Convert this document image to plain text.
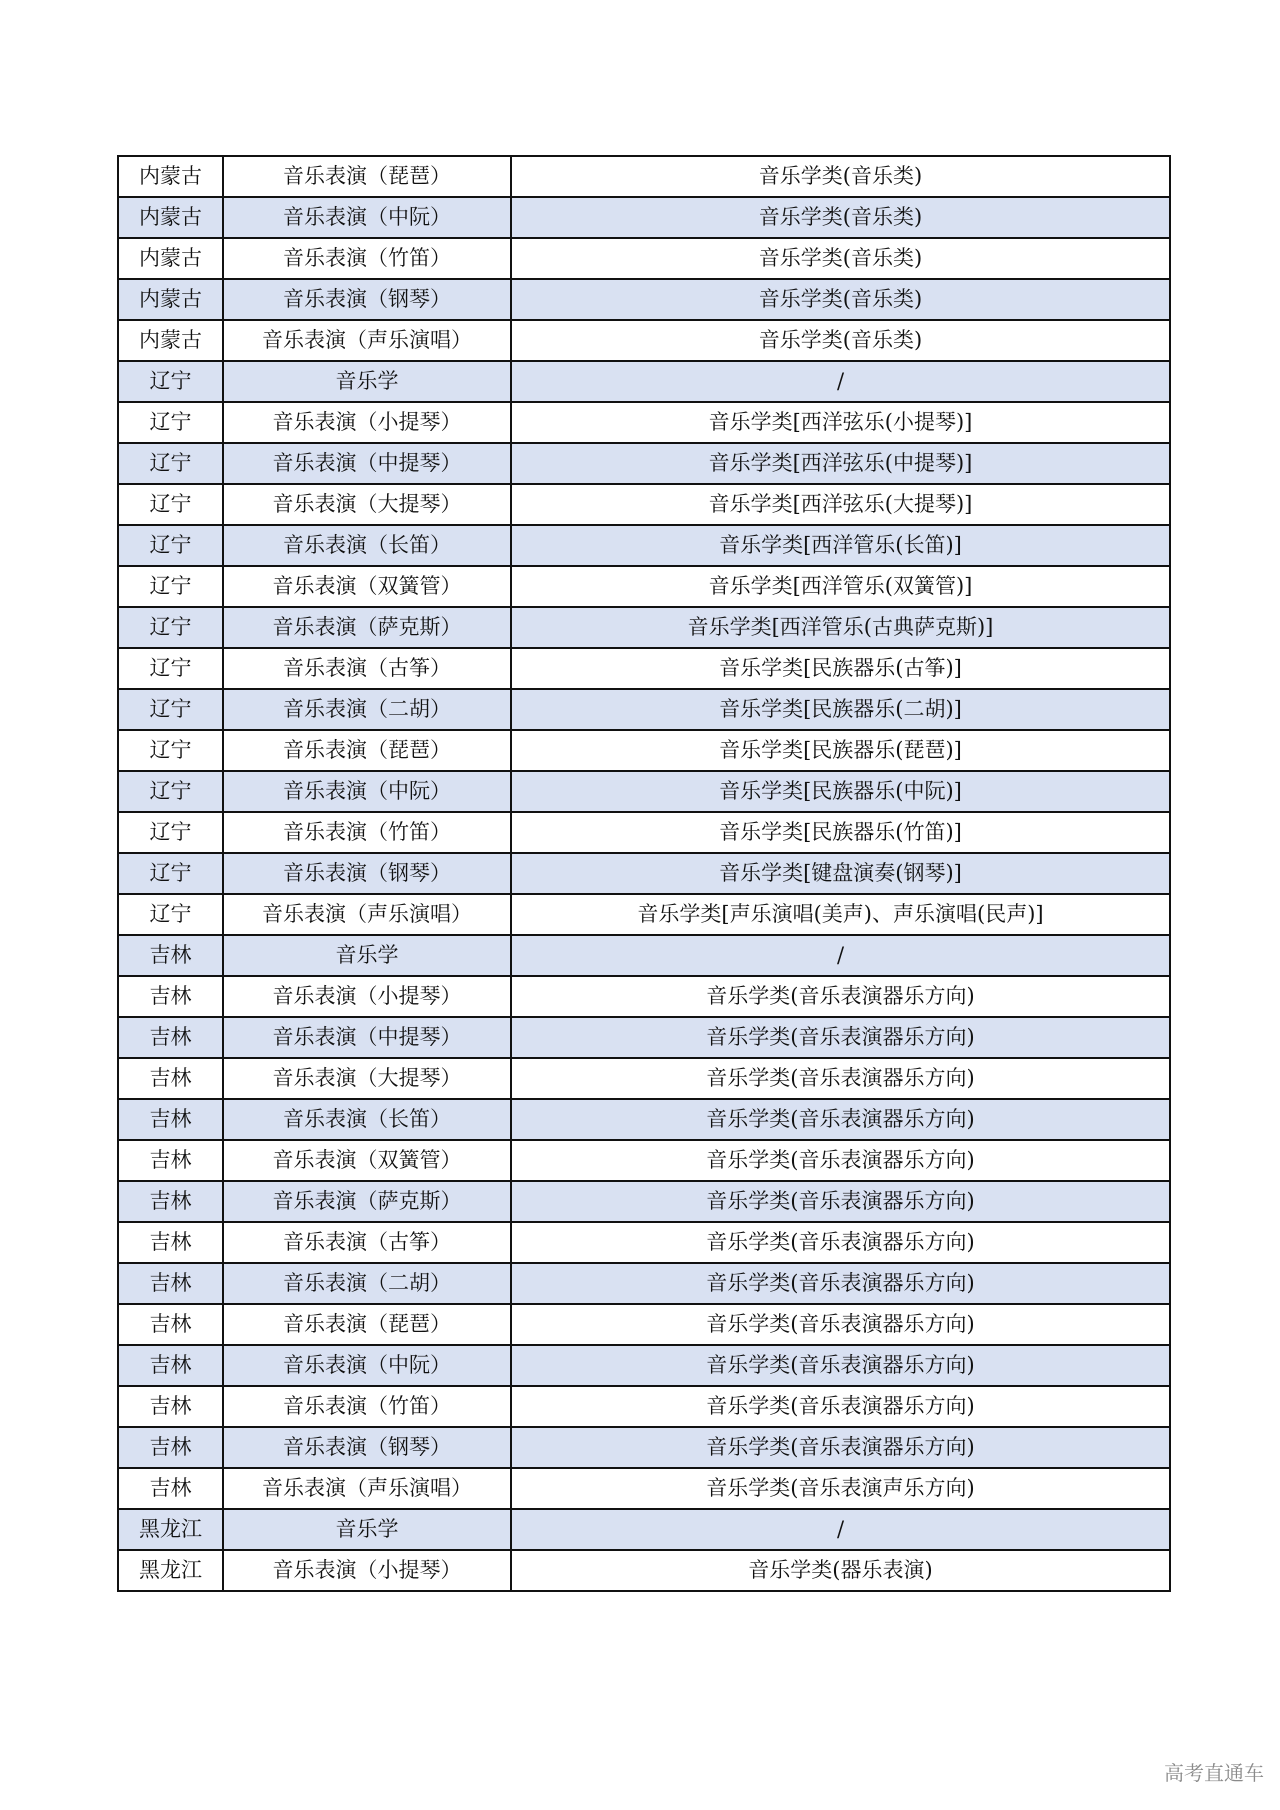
内蒙古	音乐表演（琵琶）	音乐学类(音乐类)
内蒙古	音乐表演（中阮）	音乐学类(音乐类)
内蒙古	音乐表演（竹笛）	音乐学类(音乐类)
内蒙古	音乐表演（钢琴）	音乐学类(音乐类)
内蒙古	音乐表演（声乐演唱）	音乐学类(音乐类)
辽宁	音乐学	/
辽宁	音乐表演（小提琴）	音乐学类[西洋弦乐(小提琴)]
辽宁	音乐表演（中提琴）	音乐学类[西洋弦乐(中提琴)]
辽宁	音乐表演（大提琴）	音乐学类[西洋弦乐(大提琴)]
辽宁	音乐表演（长笛）	音乐学类[西洋管乐(长笛)]
辽宁	音乐表演（双簧管）	音乐学类[西洋管乐(双簧管)]
辽宁	音乐表演（萨克斯）	音乐学类[西洋管乐(古典萨克斯)]
辽宁	音乐表演（古筝）	音乐学类[民族器乐(古筝)]
辽宁	音乐表演（二胡）	音乐学类[民族器乐(二胡)]
辽宁	音乐表演（琵琶）	音乐学类[民族器乐(琵琶)]
辽宁	音乐表演（中阮）	音乐学类[民族器乐(中阮)]
辽宁	音乐表演（竹笛）	音乐学类[民族器乐(竹笛)]
辽宁	音乐表演（钢琴）	音乐学类[键盘演奏(钢琴)]
辽宁	音乐表演（声乐演唱）	音乐学类[声乐演唱(美声)、声乐演唱(民声)]
吉林	音乐学	/
吉林	音乐表演（小提琴）	音乐学类(音乐表演器乐方向)
吉林	音乐表演（中提琴）	音乐学类(音乐表演器乐方向)
吉林	音乐表演（大提琴）	音乐学类(音乐表演器乐方向)
吉林	音乐表演（长笛）	音乐学类(音乐表演器乐方向)
吉林	音乐表演（双簧管）	音乐学类(音乐表演器乐方向)
吉林	音乐表演（萨克斯）	音乐学类(音乐表演器乐方向)
吉林	音乐表演（古筝）	音乐学类(音乐表演器乐方向)
吉林	音乐表演（二胡）	音乐学类(音乐表演器乐方向)
吉林	音乐表演（琵琶）	音乐学类(音乐表演器乐方向)
吉林	音乐表演（中阮）	音乐学类(音乐表演器乐方向)
吉林	音乐表演（竹笛）	音乐学类(音乐表演器乐方向)
吉林	音乐表演（钢琴）	音乐学类(音乐表演器乐方向)
吉林	音乐表演（声乐演唱）	音乐学类(音乐表演声乐方向)
黑龙江	音乐学	/
黑龙江	音乐表演（小提琴）	音乐学类(器乐表演)
高考直通车
